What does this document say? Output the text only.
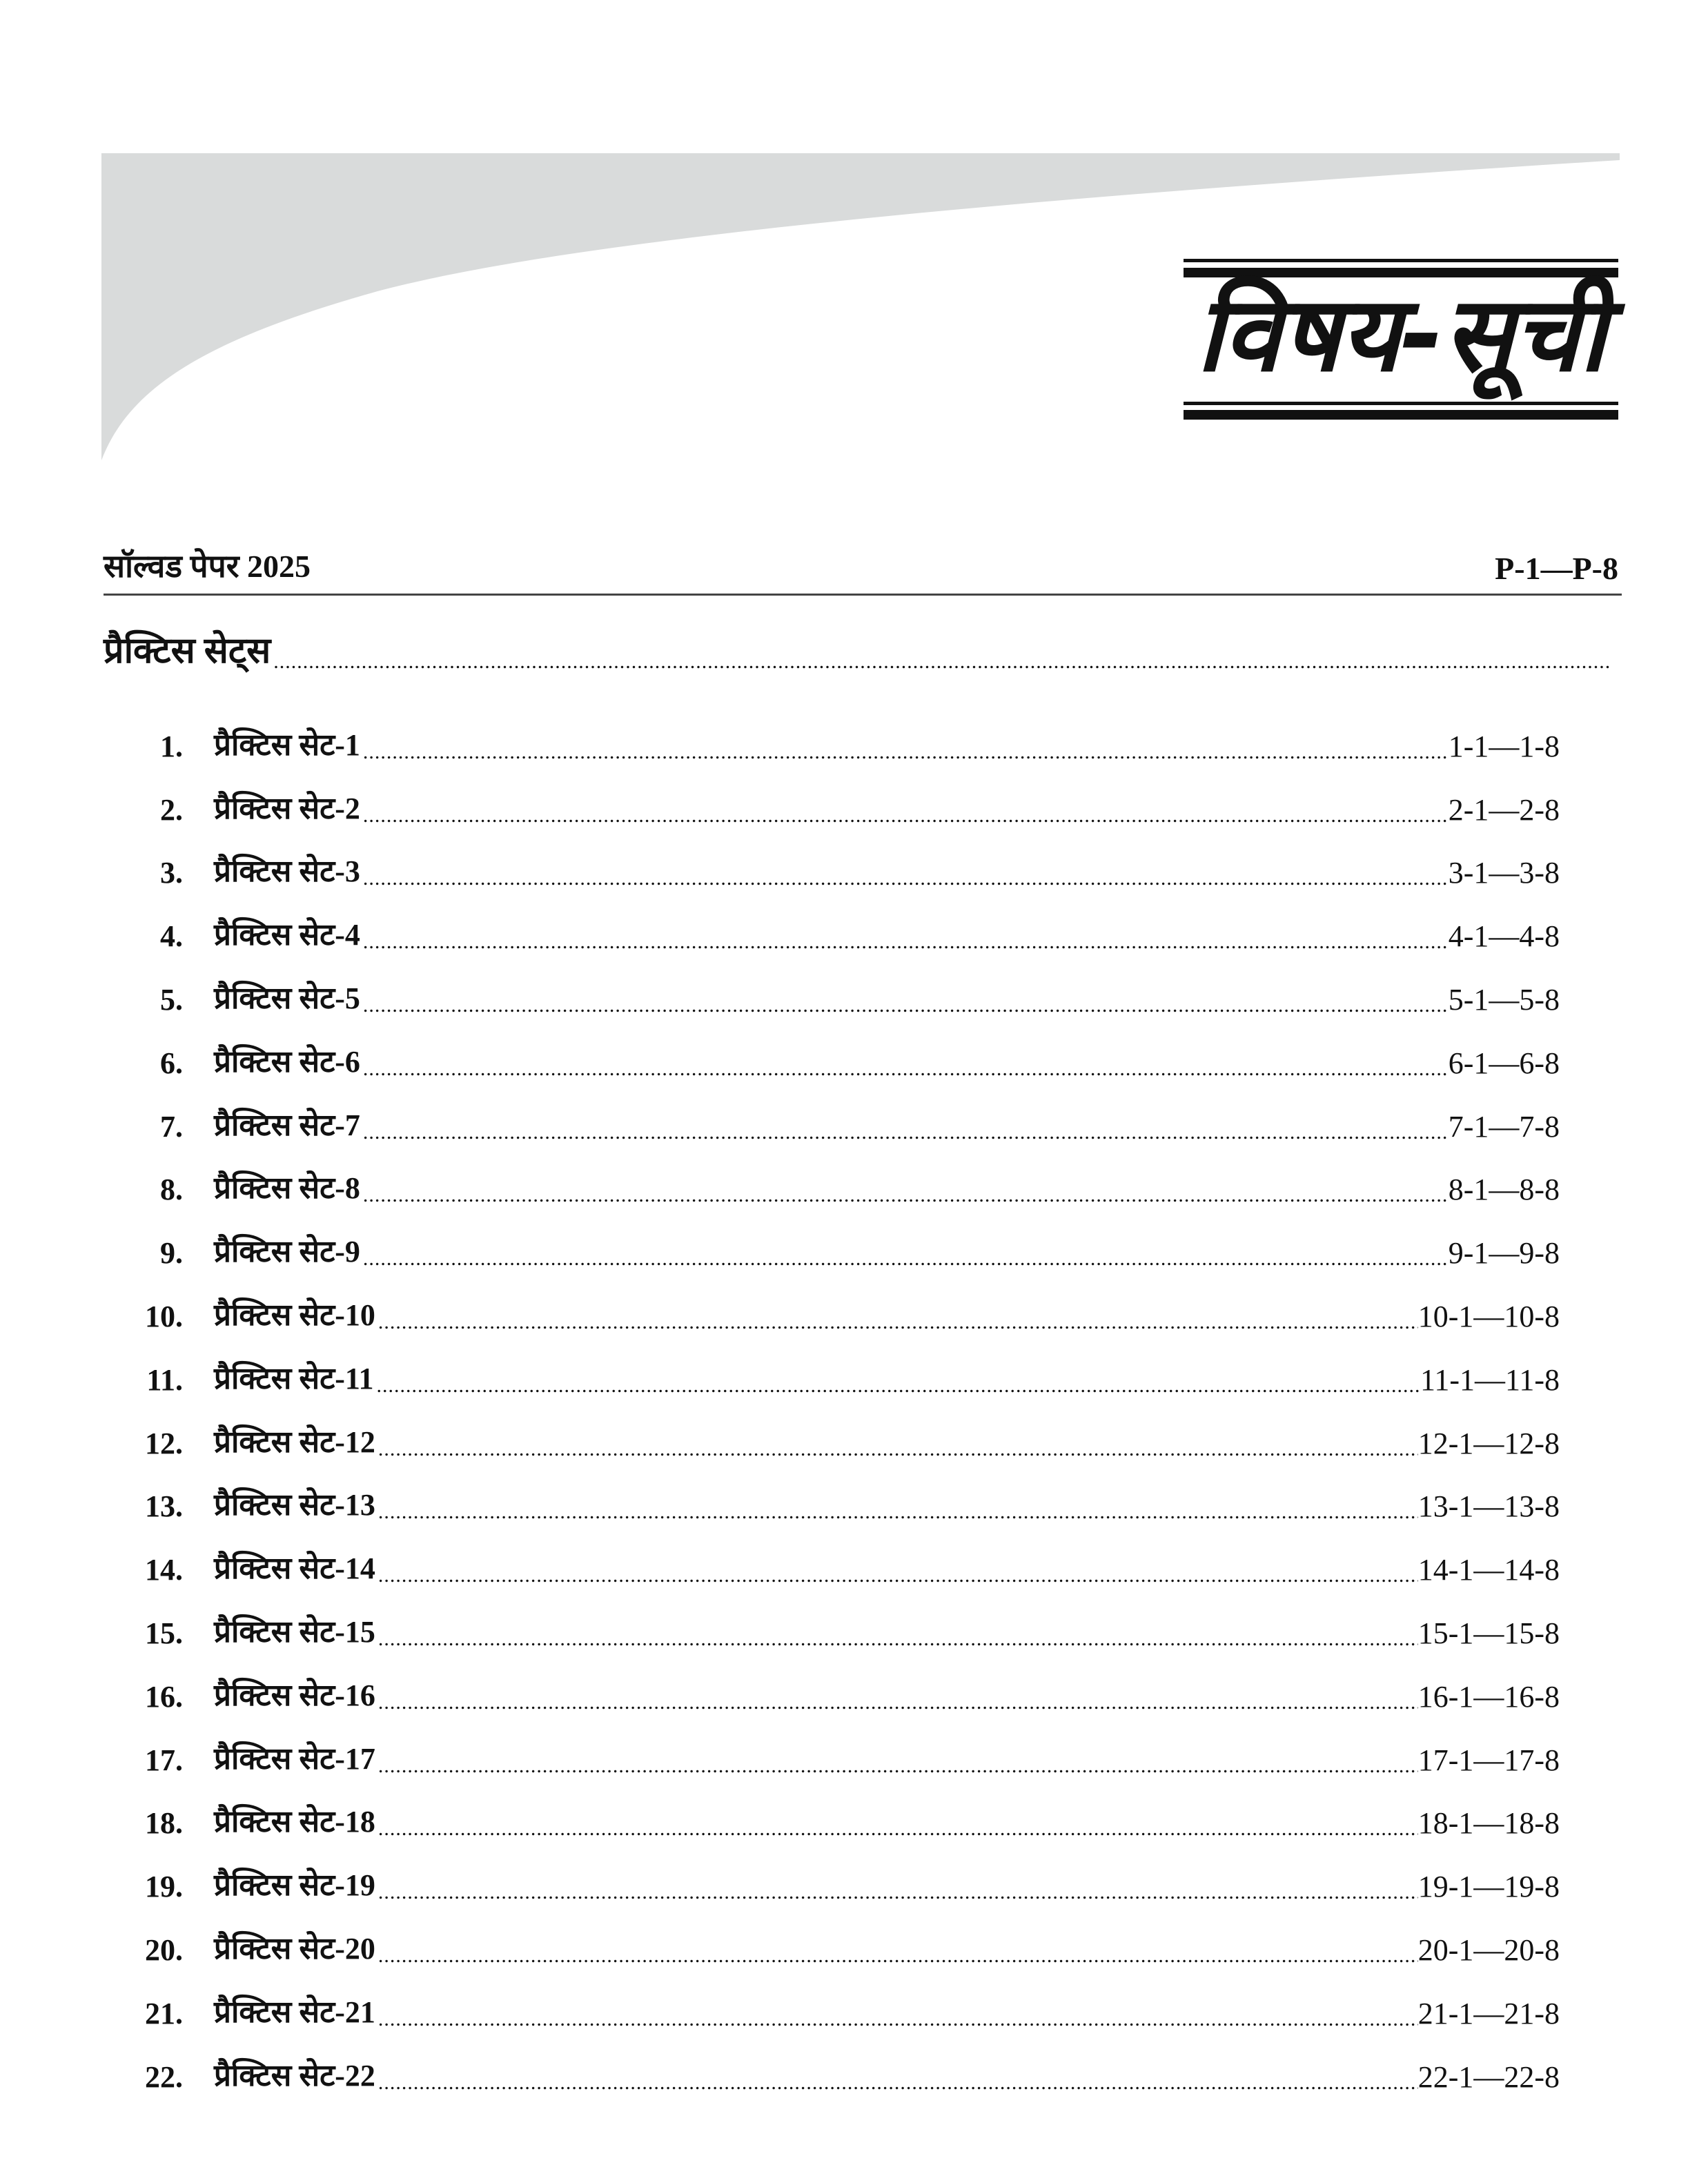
विषय-सूची
सॉल्वड पेपर 2025	P-1—P-8
प्रैक्टिस सेट्स
.....
1. प्रैक्टिस सेट-1 .....	1-1—1-8
2. प्रैक्टिस सेट-2 .....	2-1—2-8
3. प्रैक्टिस सेट-3 .....	3-1—3-8
4. प्रैक्टिस सेट-4 .....	4-1—4-8
5. प्रैक्टिस सेट-5 .....	5-1—5-8
6. प्रैक्टिस सेट-6 .....	6-1—6-8
7. प्रैक्टिस सेट-7 .....	7-1—7-8
8. प्रैक्टिस सेट-8 .....	8-1—8-8
9. प्रैक्टिस सेट-9 .....	9-1—9-8
10. प्रैक्टिस सेट-10 .....	10-1—10-8
11. प्रैक्टिस सेट-11 .....	11-1—11-8
12. प्रैक्टिस सेट-12 .....	12-1—12-8
13. प्रैक्टिस सेट-13 .....	13-1—13-8
14. प्रैक्टिस सेट-14 .....	14-1—14-8
15. प्रैक्टिस सेट-15 .....	15-1—15-8
16. प्रैक्टिस सेट-16 .....	16-1—16-8
17. प्रैक्टिस सेट-17 .....	17-1—17-8
18. प्रैक्टिस सेट-18 .....	18-1—18-8
19. प्रैक्टिस सेट-19 .....	19-1—19-8
20. प्रैक्टिस सेट-20 .....	20-1—20-8
21. प्रैक्टिस सेट-21 .....	21-1—21-8
22. प्रैक्टिस सेट-22 .....	22-1—22-8
